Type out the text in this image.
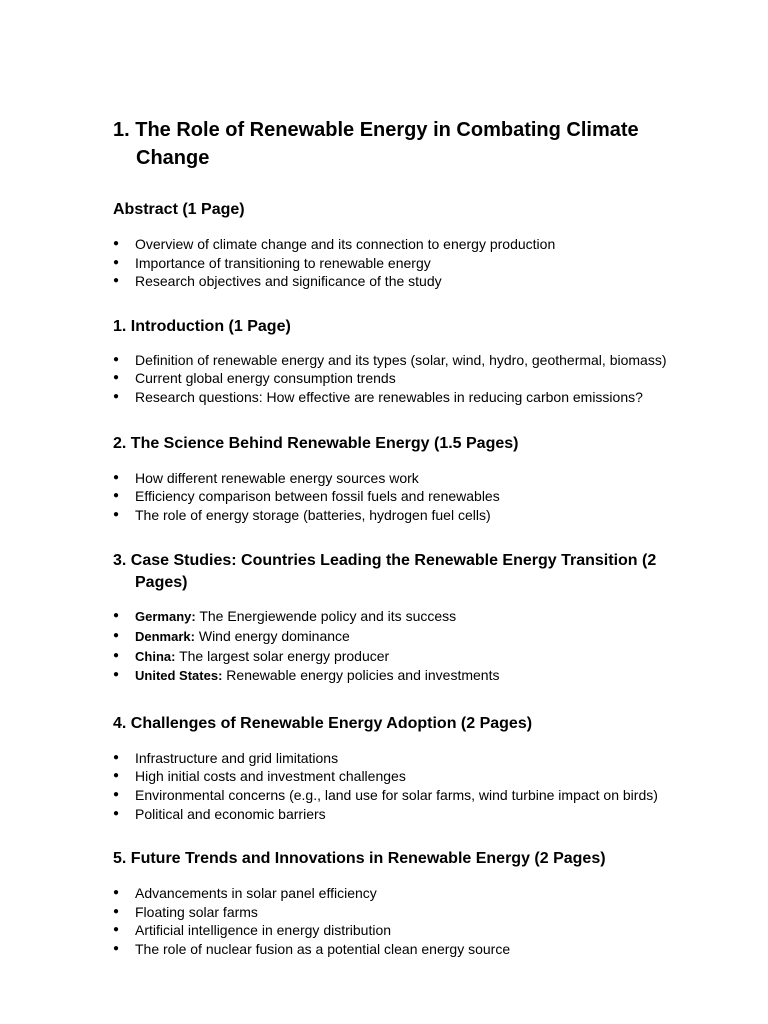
1. The Role of Renewable Energy in Combating Climate Change
Abstract (1 Page)
● Overview of climate change and its connection to energy production
● Importance of transitioning to renewable energy
● Research objectives and significance of the study
1. Introduction (1 Page)
● Definition of renewable energy and its types (solar, wind, hydro, geothermal, biomass)
● Current global energy consumption trends
● Research questions: How effective are renewables in reducing carbon emissions?
2. The Science Behind Renewable Energy (1.5 Pages)
● How different renewable energy sources work
● Efficiency comparison between fossil fuels and renewables
● The role of energy storage (batteries, hydrogen fuel cells)
3. Case Studies: Countries Leading the Renewable Energy Transition (2 Pages)
● Germany: The Energiewende policy and its success
● Denmark: Wind energy dominance
● China: The largest solar energy producer
● United States: Renewable energy policies and investments
4. Challenges of Renewable Energy Adoption (2 Pages)
● Infrastructure and grid limitations
● High initial costs and investment challenges
● Environmental concerns (e.g., land use for solar farms, wind turbine impact on birds)
● Political and economic barriers
5. Future Trends and Innovations in Renewable Energy (2 Pages)
● Advancements in solar panel efficiency
● Floating solar farms
● Artificial intelligence in energy distribution
● The role of nuclear fusion as a potential clean energy source
